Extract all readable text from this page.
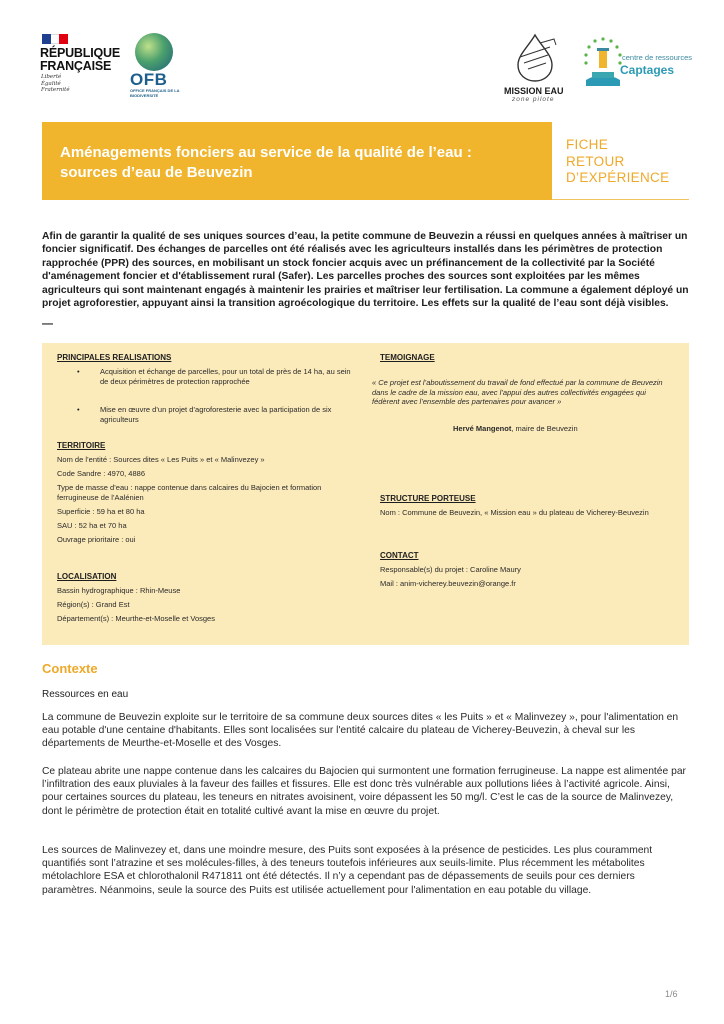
RÉPUBLIQUE
FRANÇAISE
Liberté
Égalité
Fraternité
OFB
OFFICE FRANÇAIS DE LA BIODIVERSITÉ	MISSION EAU
zone pilote
centre de ressources
Captages
Aménagements fonciers au service de la qualité de l’eau : sources d’eau de Beuvezin
FICHE
RETOUR
D’EXPÉRIENCE
Afin de garantir la qualité de ses uniques sources d’eau, la petite commune de Beuvezin a réussi en quelques années à maîtriser un foncier significatif. Des échanges de parcelles ont été réalisés avec les agriculteurs installés dans les périmètres de protection rapprochée (PPR) des sources, en mobilisant un stock foncier acquis avec un préfinancement de la collectivité par la Société d'aménagement foncier et d'établissement rural (Safer). Les parcelles proches des sources sont exploitées par les mêmes agriculteurs qui sont maintenant engagés à maintenir les prairies et maîtriser leur fertilisation. La commune a également déployé un projet agroforestier, appuyant ainsi la transition agroécologique du territoire. Les effets sur la qualité de l’eau sont déjà visibles.
—
PRINCIPALES REALISATIONS
•	Acquisition et échange de parcelles, pour un total de près de 14 ha, au sein de deux périmètres de protection rapprochée
•	Mise en œuvre d’un projet d’agroforesterie avec la participation de six agriculteurs
TERRITOIRE
Nom de l’entité : Sources dites « Les Puits » et « Malinvezey »
Code Sandre : 4970, 4886
Type de masse d’eau : nappe contenue dans calcaires du Bajocien et formation ferrugineuse de l’Aalénien
Superficie : 59 ha et 80 ha
SAU : 52 ha et 70 ha
Ouvrage prioritaire : oui
LOCALISATION
Bassin hydrographique : Rhin-Meuse
Région(s) : Grand Est
Département(s) : Meurthe-et-Moselle et Vosges
TEMOIGNAGE
« Ce projet est l’aboutissement du travail de fond effectué par la commune de Beuvezin dans le cadre de la mission eau, avec l’appui des autres collectivités engagées qui fédèrent avec l’ensemble des partenaires pour avancer »
Hervé Mangenot, maire de Beuvezin
STRUCTURE PORTEUSE
Nom : Commune de Beuvezin, « Mission eau » du plateau de Vicherey-Beuvezin
CONTACT
Responsable(s) du projet : Caroline Maury
Mail : anim-vicherey.beuvezin@orange.fr
Contexte
Ressources en eau
La commune de Beuvezin exploite sur le territoire de sa commune deux sources dites « les Puits » et « Malinvezey », pour l'alimentation en eau potable d'une centaine d'habitants. Elles sont localisées sur l'entité calcaire du plateau de Vicherey-Beuvezin, à cheval sur les départements de Meurthe-et-Moselle et des Vosges.
Ce plateau abrite une nappe contenue dans les calcaires du Bajocien qui surmontent une formation ferrugineuse. La nappe est alimentée par l’infiltration des eaux pluviales à la faveur des failles et fissures. Elle est donc très vulnérable aux pollutions liées à l’activité agricole. Ainsi, pour certaines sources du plateau, les teneurs en nitrates avoisinent, voire dépassent les 50 mg/l. C’est le cas de la source de Malinvezey, dont le périmètre de protection était en totalité cultivé avant la mise en œuvre du projet.
Les sources de Malinvezey et, dans une moindre mesure, des Puits sont exposées à la présence de pesticides. Les plus couramment quantifiés sont l’atrazine et ses molécules-filles, à des teneurs toutefois inférieures aux seuils-limite. Plus récemment les métabolites métolachlore ESA et chlorothalonil R471811 ont été détectés. Il n’y a cependant pas de dépassements de seuils pour ces derniers paramètres. Néanmoins, seule la source des Puits est utilisée actuellement pour l'alimentation en eau potable du village.
1/6
